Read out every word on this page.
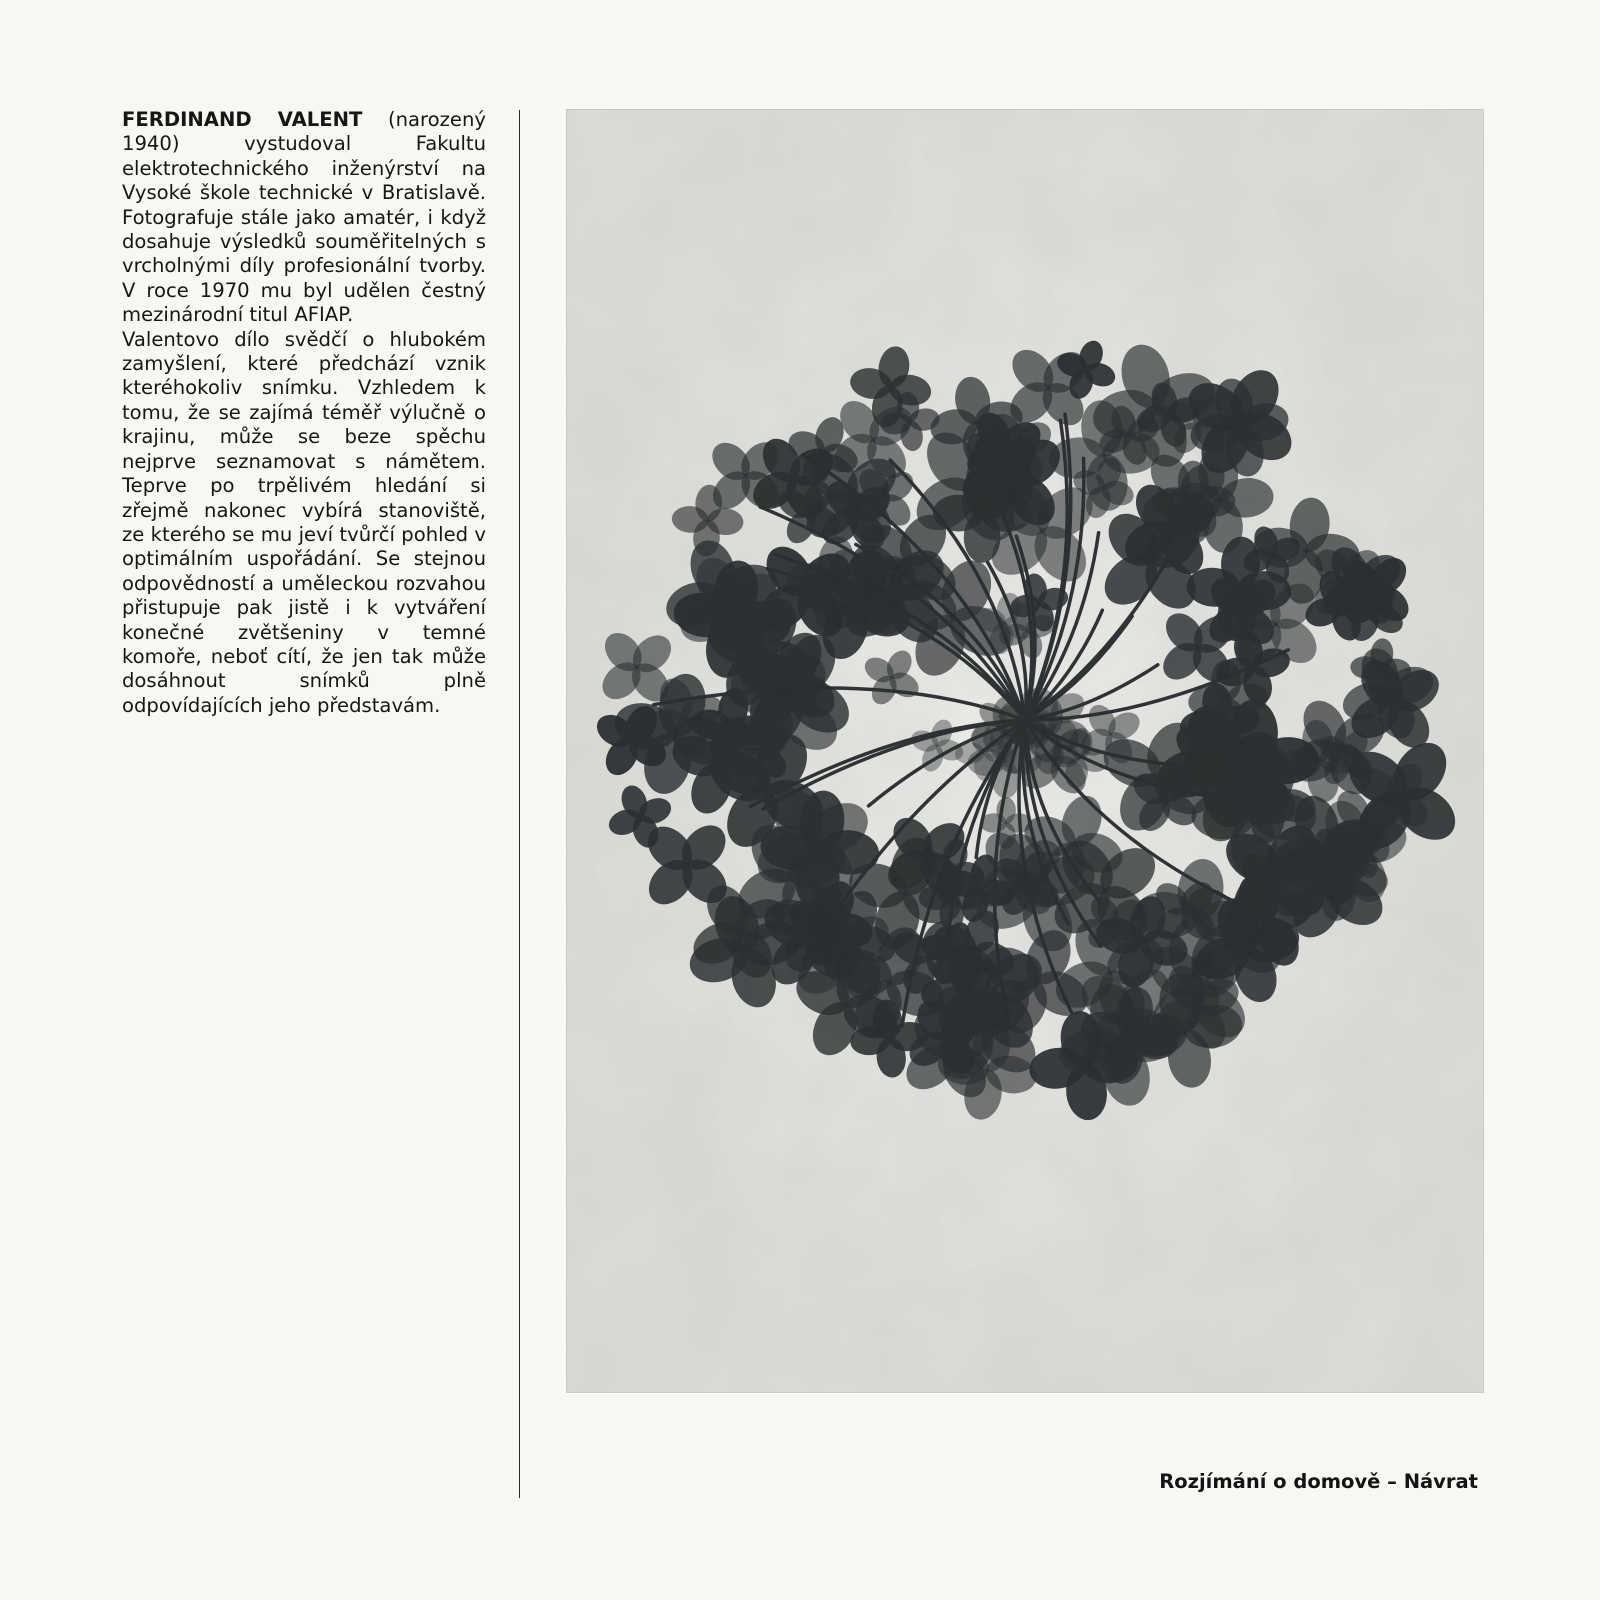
FERDINAND VALENT (narozený 1940) vystudoval Fakultu elektrotechnického inženýrství na Vysoké škole technické v Bratislavě. Fotografuje stále jako amatér, i když dosahuje výsledků souměřitelných s vrcholnými díly profesionální tvorby. V roce 1970 mu byl udělen čestný mezinárodní titul AFIAP.

Valentovo dílo svědčí o hlubokém zamyšlení, které předchází vznik kteréhokoliv snímku. Vzhledem k tomu, že se zajímá téměř výlučně o krajinu, může se beze spěchu nejprve seznamovat s námětem. Teprve po trpělivém hledání si zřejmě nakonec vybírá stanoviště, ze kterého se mu jeví tvůrčí pohled v optimálním uspořádání. Se stejnou odpovědností a uměleckou rozvahou přistupuje pak jistě i k vytváření konečné zvětšeniny v temné komoře, neboť cítí, že jen tak může dosáhnout snímků plně odpovídajících jeho představám.

Rozjímání o domově – Návrat
